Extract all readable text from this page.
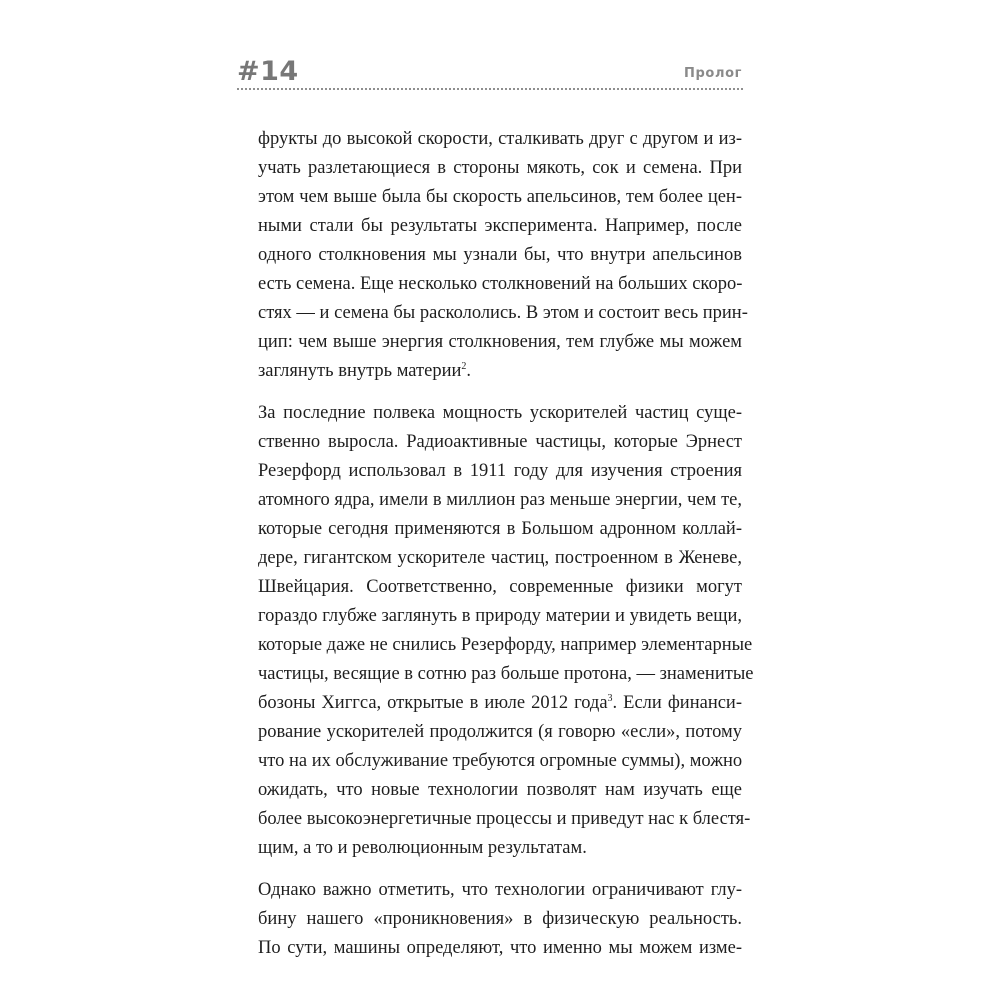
#14	Пролог
фрукты до высокой скорости, сталкивать друг с другом и из-
учать разлетающиеся в стороны мякоть, сок и семена. При
этом чем выше была бы скорость апельсинов, тем более цен-
ными стали бы результаты эксперимента. Например, после
одного столкновения мы узнали бы, что внутри апельсинов
есть семена. Еще несколько столкновений на больших скоро-
стях — и семена бы раскололись. В этом и состоит весь прин-
цип: чем выше энергия столкновения, тем глубже мы можем
заглянуть внутрь материи$^2$.
За последние полвека мощность ускорителей частиц суще-
ственно выросла. Радиоактивные частицы, которые Эрнест
Резерфорд использовал в 1911 году для изучения строения
атомного ядра, имели в миллион раз меньше энергии, чем те,
которые сегодня применяются в Большом адронном коллай-
дере, гигантском ускорителе частиц, построенном в Женеве,
Швейцария. Соответственно, современные физики могут
гораздо глубже заглянуть в природу материи и увидеть вещи,
которые даже не снились Резерфорду, например элементарные
частицы, весящие в сотню раз больше протона, — знаменитые
бозоны Хиггса, открытые в июле 2012 года$^3$. Если финанси-
рование ускорителей продолжится (я говорю «если», потому
что на их обслуживание требуются огромные суммы), можно
ожидать, что новые технологии позволят нам изучать еще
более высокоэнергетичные процессы и приведут нас к блестя-
щим, а то и революционным результатам.
Однако важно отметить, что технологии ограничивают глу-
бину нашего «проникновения» в физическую реальность.
По сути, машины определяют, что именно мы можем изме-
